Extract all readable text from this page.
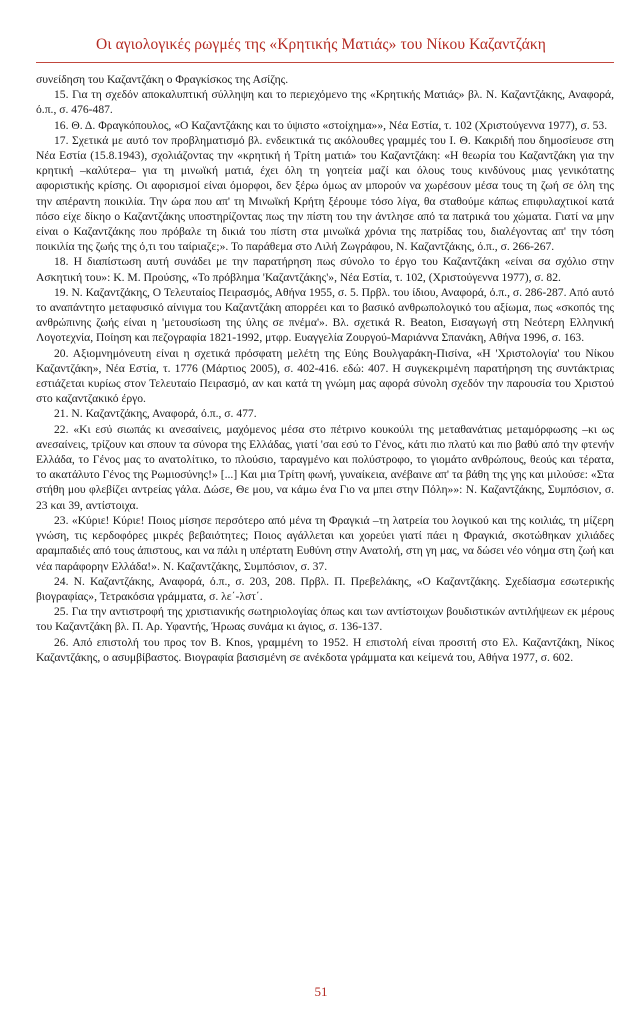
Οι αγιολογικές ρωγμές της «Κρητικής Ματιάς» του Νίκου Καζαντζάκη

συνείδηση του Καζαντζάκη ο Φραγκίσκος της Ασίζης.

15. Για τη σχεδόν αποκαλυπτική σύλληψη και το περιεχόμενο της «Κρητικής Ματιάς» βλ. Ν. Καζαντζάκης, Αναφορά, ό.π., σ. 476-487.

16. Θ. Δ. Φραγκόπουλος, «Ο Καζαντζάκης και το ύψιστο «στοίχημα»», Νέα Εστία, τ. 102 (Χριστούγεννα 1977), σ. 53.

17. Σχετικά με αυτό τον προβληματισμό βλ. ενδεικτικά τις ακόλουθες γραμμές του Ι. Θ. Κακριδή που δημοσίευσε στη Νέα Εστία (15.8.1943), σχολιάζοντας την «κρητική ή Τρίτη ματιά» του Καζαντζάκη: «Η θεωρία του Καζαντζάκη για την κρητική –καλύτερα– για τη μινωϊκή ματιά, έχει όλη τη γοητεία μαζί και όλους τους κινδύνους μιας γενικότατης αφοριστικής κρίσης. Οι αφορισμοί είναι όμορφοι, δεν ξέρω όμως αν μπορούν να χωρέσουν μέσα τους τη ζωή σε όλη της την απέραντη ποικιλία. Την ώρα που απ' τη Μινωϊκή Κρήτη ξέρουμε τόσο λίγα, θα σταθούμε κάπως επιφυλαχτικοί κατά πόσο είχε δίκηο ο Καζαντζάκης υποστηρίζοντας πως την πίστη του την άντλησε από τα πατρικά του χώματα. Γιατί να μην είναι ο Καζαντζάκης που πρόβαλε τη δικιά του πίστη στα μινωϊκά χρόνια της πατρίδας του, διαλέγοντας απ' την τόση ποικιλία της ζωής της ό,τι του ταίριαζε;». Το παράθεμα στο Λιλή Ζωγράφου, Ν. Καζαντζάκης, ό.π., σ. 266-267.

18. Η διαπίστωση αυτή συνάδει με την παρατήρηση πως σύνολο το έργο του Καζαντζάκη «είναι σα σχόλιο στην Ασκητική του»: Κ. Μ. Προύσης, «Το πρόβλημα 'Καζαντζάκης'», Νέα Εστία, τ. 102, (Χριστούγεννα 1977), σ. 82.

19. Ν. Καζαντζάκης, Ο Τελευταίος Πειρασμός, Αθήνα 1955, σ. 5. Πρβλ. του ίδιου, Αναφορά, ό.π., σ. 286-287. Από αυτό το αναπάντητο μεταφυσικό αίνιγμα του Καζαντζάκη απορρέει και το βασικό ανθρωπολογικό του αξίωμα, πως «σκοπός της ανθρώπινης ζωής είναι η 'μετουσίωση της ύλης σε πνέμα'». Βλ. σχετικά R. Beaton, Εισαγωγή στη Νεότερη Ελληνική Λογοτεχνία, Ποίηση και πεζογραφία 1821-1992, μτφρ. Ευαγγελία Ζουργού-Μαριάννα Σπανάκη, Αθήνα 1996, σ. 163.

20. Αξιομνημόνευτη είναι η σχετικά πρόσφατη μελέτη της Εύης Βουλγαράκη-Πισίνα, «Η 'Χριστολογία' του Νίκου Καζαντζάκη», Νέα Εστία, τ. 1776 (Μάρτιος 2005), σ. 402-416. εδώ: 407. Η συγκεκριμένη παρατήρηση της συντάκτριας εστιάζεται κυρίως στον Τελευταίο Πειρασμό, αν και κατά τη γνώμη μας αφορά σύνολη σχεδόν την παρουσία του Χριστού στο καζαντζακικό έργο.

21. Ν. Καζαντζάκης, Αναφορά, ό.π., σ. 477.

22. «Κι εσύ σιωπάς κι ανεσαίνεις, μαχόμενος μέσα στο πέτρινο κουκούλι της μεταθανάτιας μεταμόρφωσης –κι ως ανεσαίνεις, τρίζουν και σπουν τα σύνορα της Ελλάδας, γιατί 'σαι εσύ το Γένος, κάτι πιο πλατύ και πιο βαθύ από την φτενήν Ελλάδα, το Γένος μας το ανατολίτικο, το πλούσιο, ταραγμένο και πολύστροφο, το γιομάτο ανθρώπους, θεούς και τέρατα, το ακατάλυτο Γένος της Ρωμιοσύνης!» [...] Και μια Τρίτη φωνή, γυναίκεια, ανέβαινε απ' τα βάθη της γης και μιλούσε: «Στα στήθη μου φλεβίζει αντρείας γάλα. Δώσε, Θε μου, να κάμω ένα Γιο να μπει στην Πόλη»»: Ν. Καζαντζάκης, Συμπόσιον, σ. 23 και 39, αντίστοιχα.

23. «Κύριε! Κύριε! Ποιος μίσησε περσότερο από μένα τη Φραγκιά –τη λατρεία του λογικού και της κοιλιάς, τη μίζερη γνώση, τις κερδοφόρες μικρές βεβαιότητες; Ποιος αγάλλεται και χορεύει γιατί πάει η Φραγκιά, σκοτώθηκαν χιλιάδες αραμπαδιές από τους άπιστους, και να πάλι η υπέρτατη Ευθύνη στην Ανατολή, στη γη μας, να δώσει νέο νόημα στη ζωή και νέα παράφορην Ελλάδα!». Ν. Καζαντζάκης, Συμπόσιον, σ. 37.

24. Ν. Καζαντζάκης, Αναφορά, ό.π., σ. 203, 208. Πρβλ. Π. Πρεβελάκης, «Ο Καζαντζάκης. Σχεδίασμα εσωτερικής βιογραφίας», Τετρακόσια γράμματα, σ. λε΄-λστ΄.

25. Για την αντιστροφή της χριστιανικής σωτηριολογίας όπως και των αντίστοιχων βουδιστικών αντιλήψεων εκ μέρους του Καζαντζάκη βλ. Π. Αρ. Υφαντής, Ήρωας συνάμα κι άγιος, σ. 136-137.

26. Από επιστολή του προς τον Β. Knos, γραμμένη το 1952. Η επιστολή είναι προσιτή στο Ελ. Καζαντζάκη, Νίκος Καζαντζάκης, ο ασυμβίβαστος. Βιογραφία βασισμένη σε ανέκδοτα γράμματα και κείμενά του, Αθήνα 1977, σ. 602.

51
